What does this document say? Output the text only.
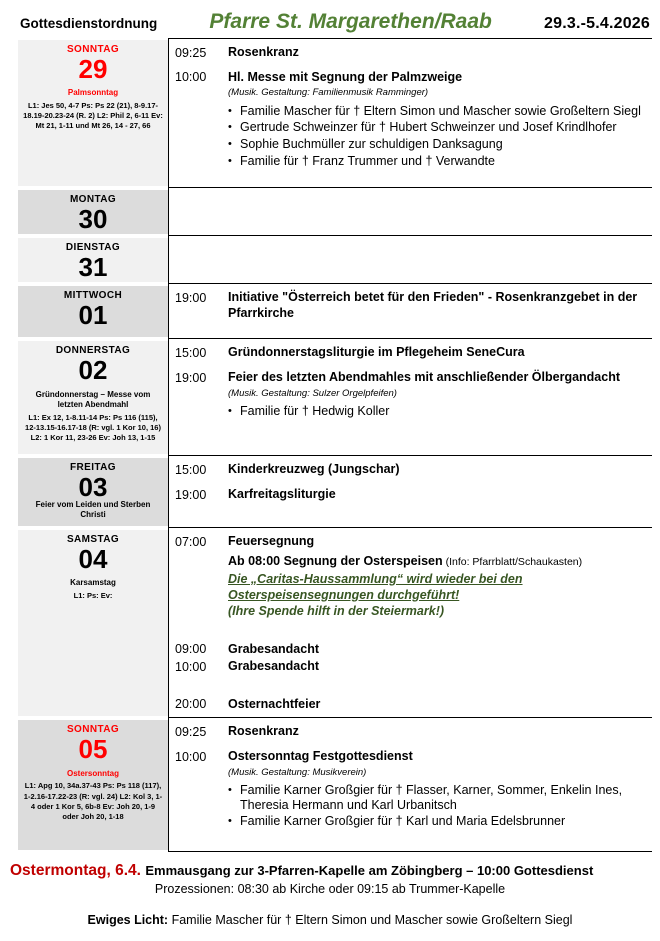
Gottesdienstordnung Pfarre St. Margarethen/Raab	29.3.-5.4.2026
SONNTAG
29
Palmsonntag
L1: Jes 50, 4-7 Ps: Ps 22 (21), 8-9.17-18.19-20.23-24 (R. 2) L2: Phil 2, 6-11 Ev: Mt 21, 1-11 und Mt 26, 14 - 27, 66
09:25	Rosenkranz
10:00	Hl. Messe mit Segnung der Palmzweige
(Musik. Gestaltung: Familienmusik Ramminger)
• Familie Mascher für † Eltern Simon und Mascher sowie Großeltern Siegl
• Gertrude Schweinzer für † Hubert Schweinzer und Josef Krindlhofer
• Sophie Buchmüller zur schuldigen Danksagung
• Familie für † Franz Trummer und † Verwandte
MONTAG
30
DIENSTAG
31
MITTWOCH
01
19:00	Initiative "Österreich betet für den Frieden" - Rosenkranzgebet in der Pfarrkirche
DONNERSTAG
02
Gründonnerstag – Messe vom letzten Abendmahl
L1: Ex 12, 1-8.11-14 Ps: Ps 116 (115), 12-13.15-16.17-18 (R: vgl. 1 Kor 10, 16) L2: 1 Kor 11, 23-26 Ev: Joh 13, 1-15
15:00	Gründonnerstagsliturgie im Pflegeheim SeneCura
19:00	Feier des letzten Abendmahles mit anschließender Ölbergandacht
(Musik. Gestaltung: Sulzer Orgelpfeifen)
• Familie für † Hedwig Koller
FREITAG
03
Feier vom Leiden und Sterben Christi
15:00	Kinderkreuzweg (Jungschar)
19:00	Karfreitagsliturgie
SAMSTAG
04
Karsamstag
L1: Ps: Ev:
07:00	Feuersegnung
Ab 08:00 Segnung der Osterspeisen (Info: Pfarrblatt/Schaukasten)
Die „Caritas-Haussammlung“ wird wieder bei den Osterspeisensegnungen durchgeführt!
(Ihre Spende hilft in der Steiermark!)
09:00	Grabesandacht
10:00	Grabesandacht
20:00	Osternachtfeier
SONNTAG
05
Ostersonntag
L1: Apg 10, 34a.37-43 Ps: Ps 118 (117), 1-2.16-17.22-23 (R: vgl. 24) L2: Kol 3, 1-4 oder 1 Kor 5, 6b-8 Ev: Joh 20, 1-9 oder Joh 20, 1-18
09:25	Rosenkranz
10:00	Ostersonntag Festgottesdienst
(Musik. Gestaltung: Musikverein)
• Familie Karner Großgier für † Flasser, Karner, Sommer, Enkelin Ines, Theresia Hermann und Karl Urbanitsch
• Familie Karner Großgier für † Karl und Maria Edelsbrunner
Ostermontag, 6.4. Emmausgang zur 3-Pfarren-Kapelle am Zöbingberg – 10:00 Gottesdienst
Prozessionen: 08:30 ab Kirche oder 09:15 ab Trummer-Kapelle
Ewiges Licht: Familie Mascher für † Eltern Simon und Mascher sowie Großeltern Siegl
